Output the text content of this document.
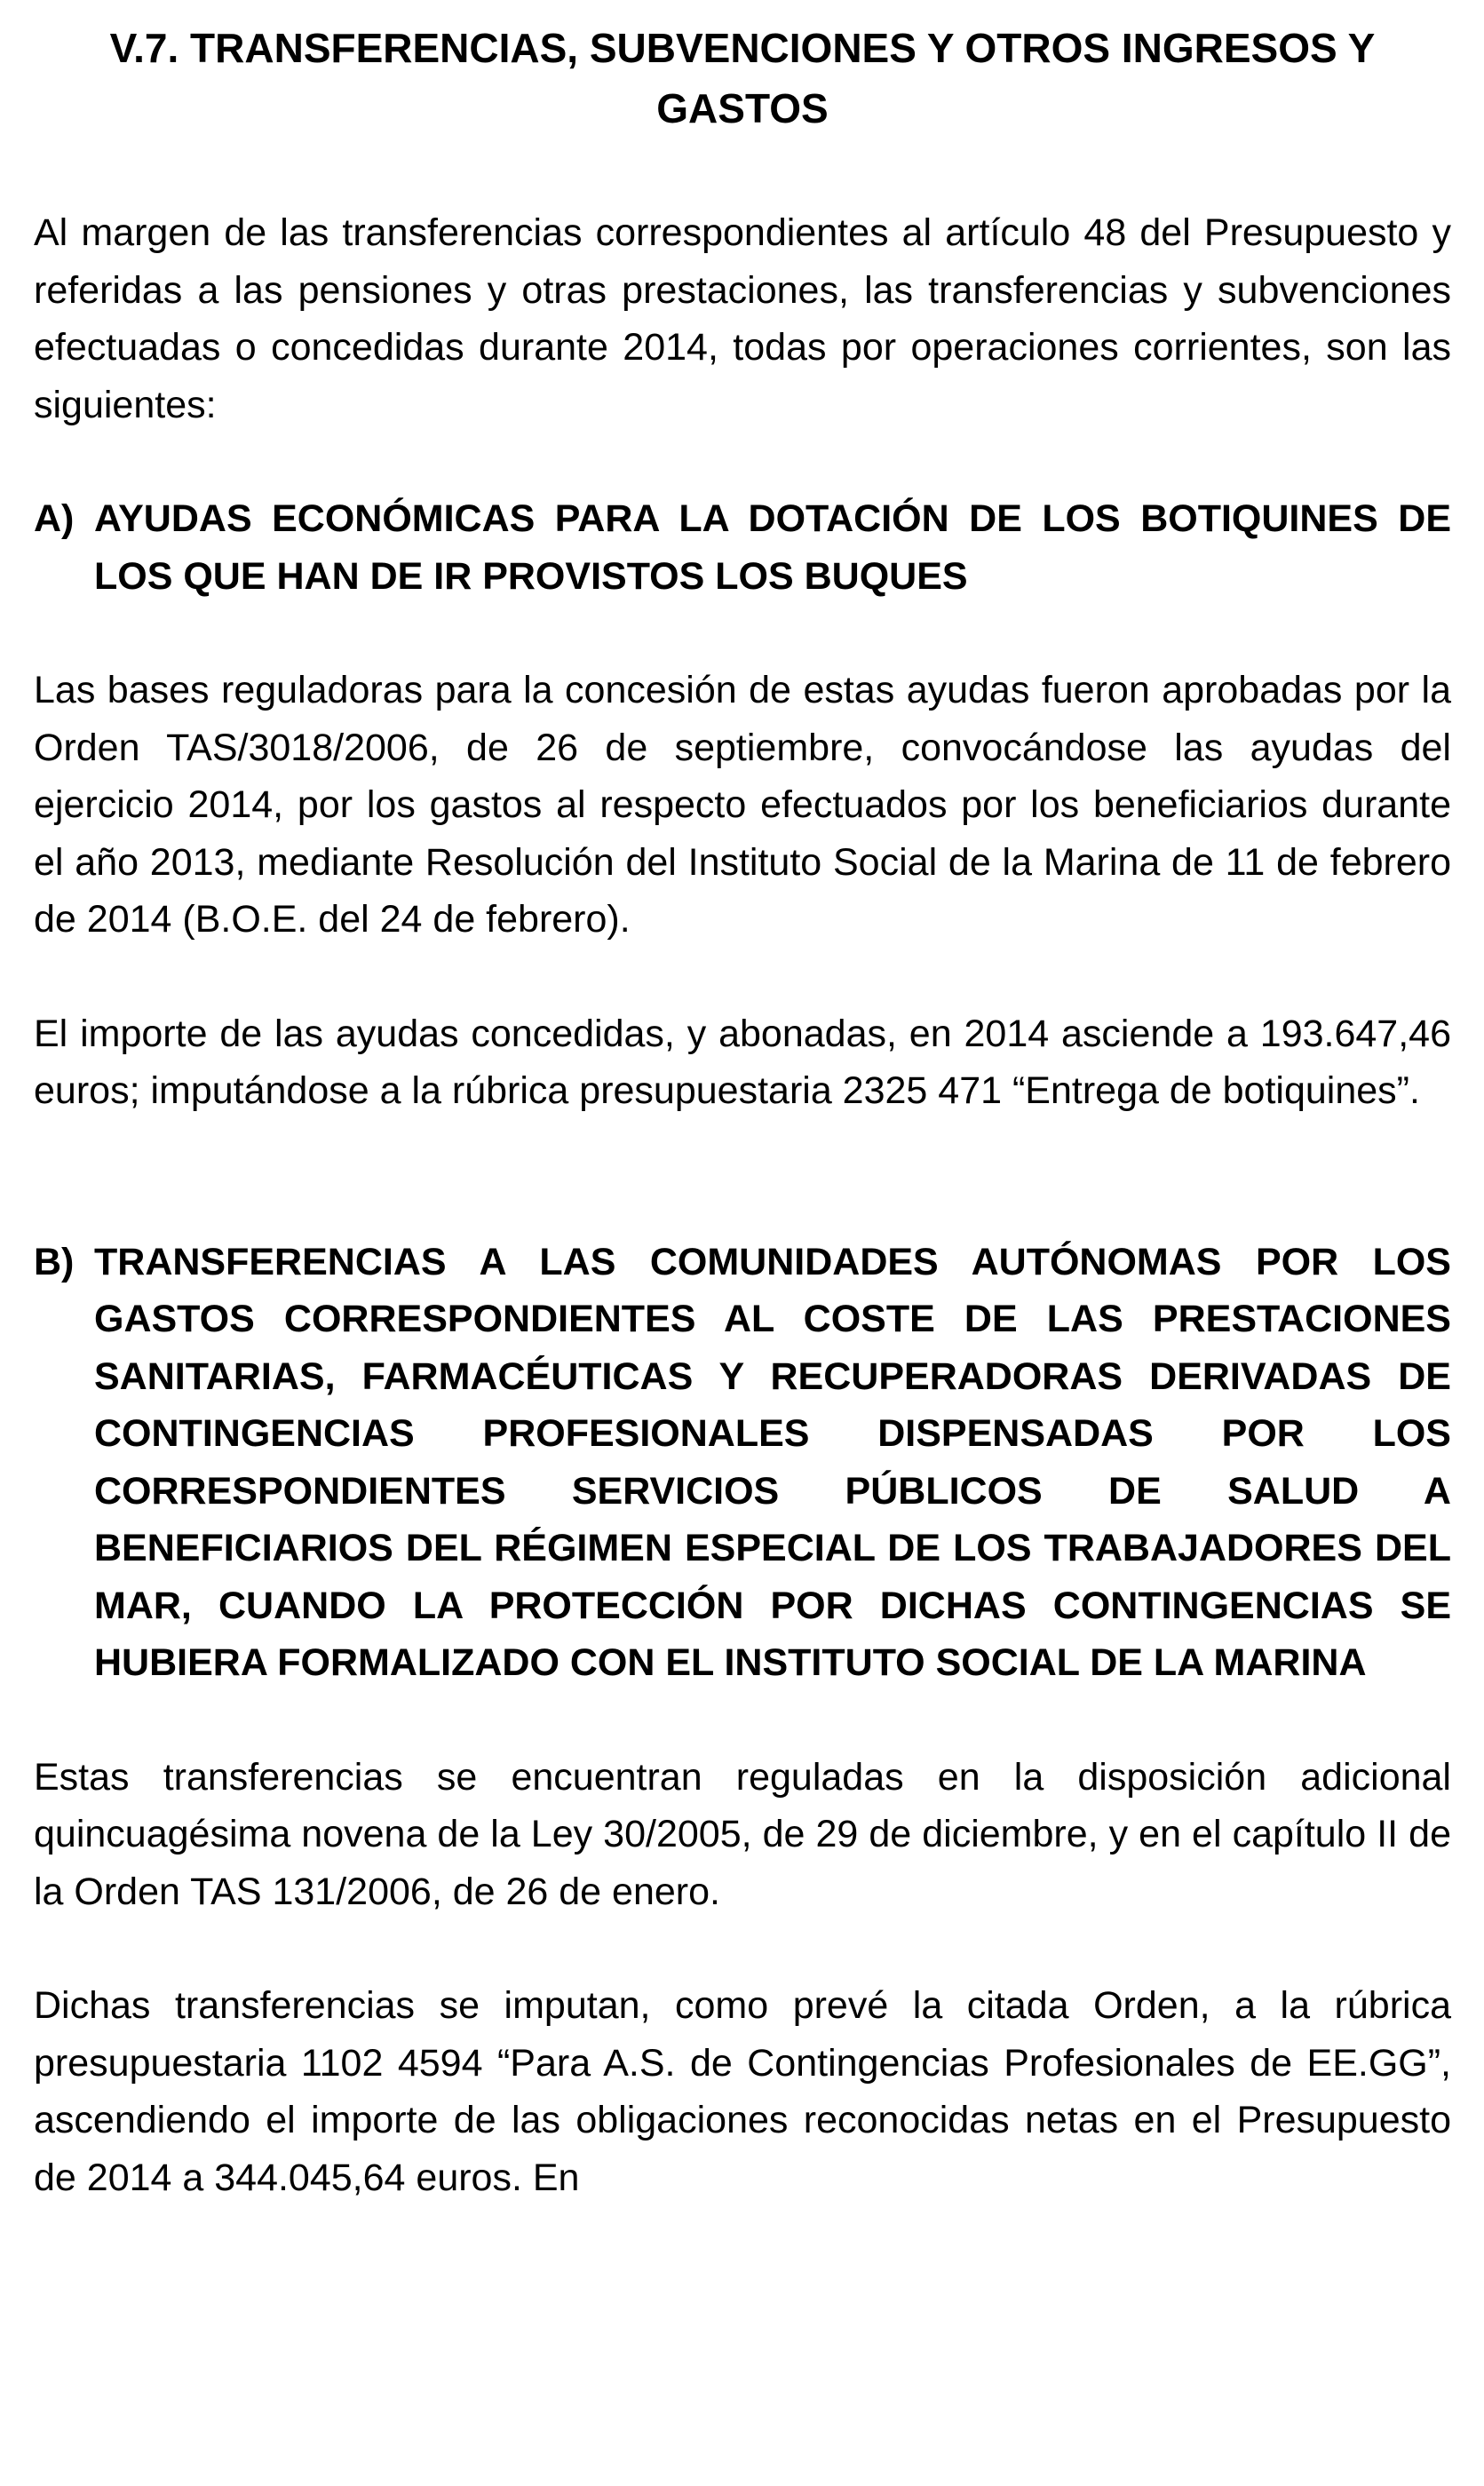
V.7. TRANSFERENCIAS, SUBVENCIONES Y OTROS INGRESOS Y GASTOS

Al margen de las transferencias correspondientes al artículo 48 del Presupuesto y referidas a las pensiones y otras prestaciones, las transferencias y subvenciones efectuadas o concedidas durante 2014, todas por operaciones corrientes, son las siguientes:

A) AYUDAS ECONÓMICAS PARA LA DOTACIÓN DE LOS BOTIQUINES DE LOS QUE HAN DE IR PROVISTOS LOS BUQUES

Las bases reguladoras para la concesión de estas ayudas fueron aprobadas por la Orden TAS/3018/2006, de 26 de septiembre, convocándose las ayudas del ejercicio 2014, por los gastos al respecto efectuados por los beneficiarios durante el año 2013, mediante Resolución del Instituto Social de la Marina de 11 de febrero de 2014 (B.O.E. del 24 de febrero).

El importe de las ayudas concedidas, y abonadas, en 2014 asciende a 193.647,46 euros; imputándose a la rúbrica presupuestaria 2325 471 “Entrega de botiquines”.

B) TRANSFERENCIAS A LAS COMUNIDADES AUTÓNOMAS POR LOS GASTOS CORRESPONDIENTES AL COSTE DE LAS PRESTACIONES SANITARIAS, FARMACÉUTICAS Y RECUPERADORAS DERIVADAS DE CONTINGENCIAS PROFESIONALES DISPENSADAS POR LOS CORRESPONDIENTES SERVICIOS PÚBLICOS DE SALUD A BENEFICIARIOS DEL RÉGIMEN ESPECIAL DE LOS TRABAJADORES DEL MAR, CUANDO LA PROTECCIÓN POR DICHAS CONTINGENCIAS SE HUBIERA FORMALIZADO CON EL INSTITUTO SOCIAL DE LA MARINA

Estas transferencias se encuentran reguladas en la disposición adicional quincuagésima novena de la Ley 30/2005, de 29 de diciembre, y en el capítulo II de la Orden TAS 131/2006, de 26 de enero.

Dichas transferencias se imputan, como prevé la citada Orden, a la rúbrica presupuestaria 1102 4594 “Para A.S. de Contingencias Profesionales de EE.GG”, ascendiendo el importe de las obligaciones reconocidas netas en el Presupuesto de 2014 a 344.045,64 euros. En
